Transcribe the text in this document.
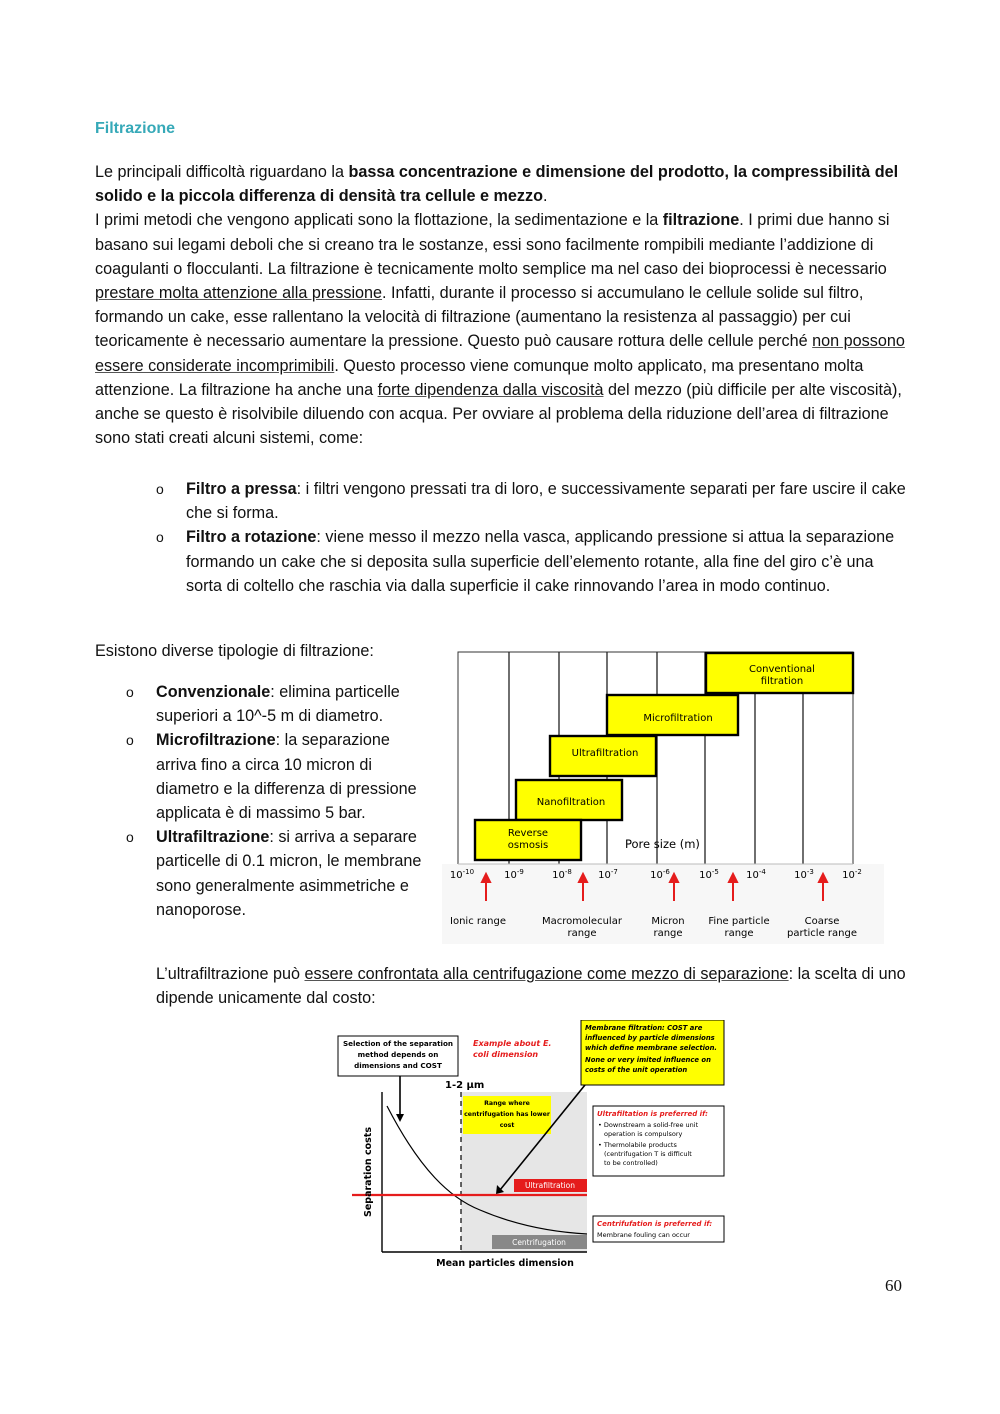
Filtrazione
Le principali difficoltà riguardano la bassa concentrazione e dimensione del prodotto, la compressibilità del solido e la piccola differenza di densità tra cellule e mezzo.
I primi metodi che vengono applicati sono la flottazione, la sedimentazione e la filtrazione. I primi due hanno si basano sui legami deboli che si creano tra le sostanze, essi sono facilmente rompibili mediante l’addizione di coagulanti o flocculanti. La filtrazione è tecnicamente molto semplice ma nel caso dei bioprocessi è necessario prestare molta attenzione alla pressione. Infatti, durante il processo si accumulano le cellule solide sul filtro, formando un cake, esse rallentano la velocità di filtrazione (aumentano la resistenza al passaggio) per cui teoricamente è necessario aumentare la pressione. Questo può causare rottura delle cellule perché non possono essere considerate incomprimibili. Questo processo viene comunque molto applicato, ma presentano molta attenzione. La filtrazione ha anche una forte dipendenza dalla viscosità del mezzo (più difficile per alte viscosità), anche se questo è risolvibile diluendo con acqua. Per ovviare al problema della riduzione dell’area di filtrazione sono stati creati alcuni sistemi, come:
o Filtro a pressa: i filtri vengono pressati tra di loro, e successivamente separati per fare uscire il cake che si forma.
o Filtro a rotazione: viene messo il mezzo nella vasca, applicando pressione si attua la separazione formando un cake che si deposita sulla superficie dell’elemento rotante, alla fine del giro c’è una sorta di coltello che raschia via dalla superficie il cake rinnovando l’area in modo continuo.
Esistono diverse tipologie di filtrazione:
o Convenzionale: elimina particelle superiori a 10^-5 m di diametro.
o Microfiltrazione: la separazione arriva fino a circa 10 micron di diametro e la differenza di pressione applicata è di massimo 5 bar.
o Ultrafiltrazione: si arriva a separare particelle di 0.1 micron, le membrane sono generalmente asimmetriche e nanoporose.
Conventional
filtration
Microfiltration
Ultrafiltration
Nanofiltration
Reverse
osmosis	Pore size (m)
$10^{-10}$	$10^{-9}$	$10^{-8}$	$10^{-7}$	$10^{-6}$	$10^{-5}$	$10^{-4}$	$10^{-3}$	$10^{-2}$
Ionic range	Macromolecular
range
Micron
range
Fine particle
range
Coarse
particle range
L’ultrafiltrazione può essere confrontata alla centrifugazione come mezzo di separazione: la scelta di uno dipende unicamente dal costo:
Selection of the separation
method depends on
dimensions and COST
Example about E.
coli dimension
Membrane filtration: COST are
influenced by particle dimensions
which define membrane selection.
None or very imited influence on
costs of the unit operation
1-2 µm
Range where
centrifugation has lower
cost
Ultrafiltration
Centrifugation
Separation costs
Mean particles dimension
Ultrafiltation is preferred if:
• Downstream a solid-free unit
operation is compulsory
• Thermolabile products
(centrifugation T is difficult
to be controlled)
Centrifufation is preferred if:
Membrane fouling can occur
60
